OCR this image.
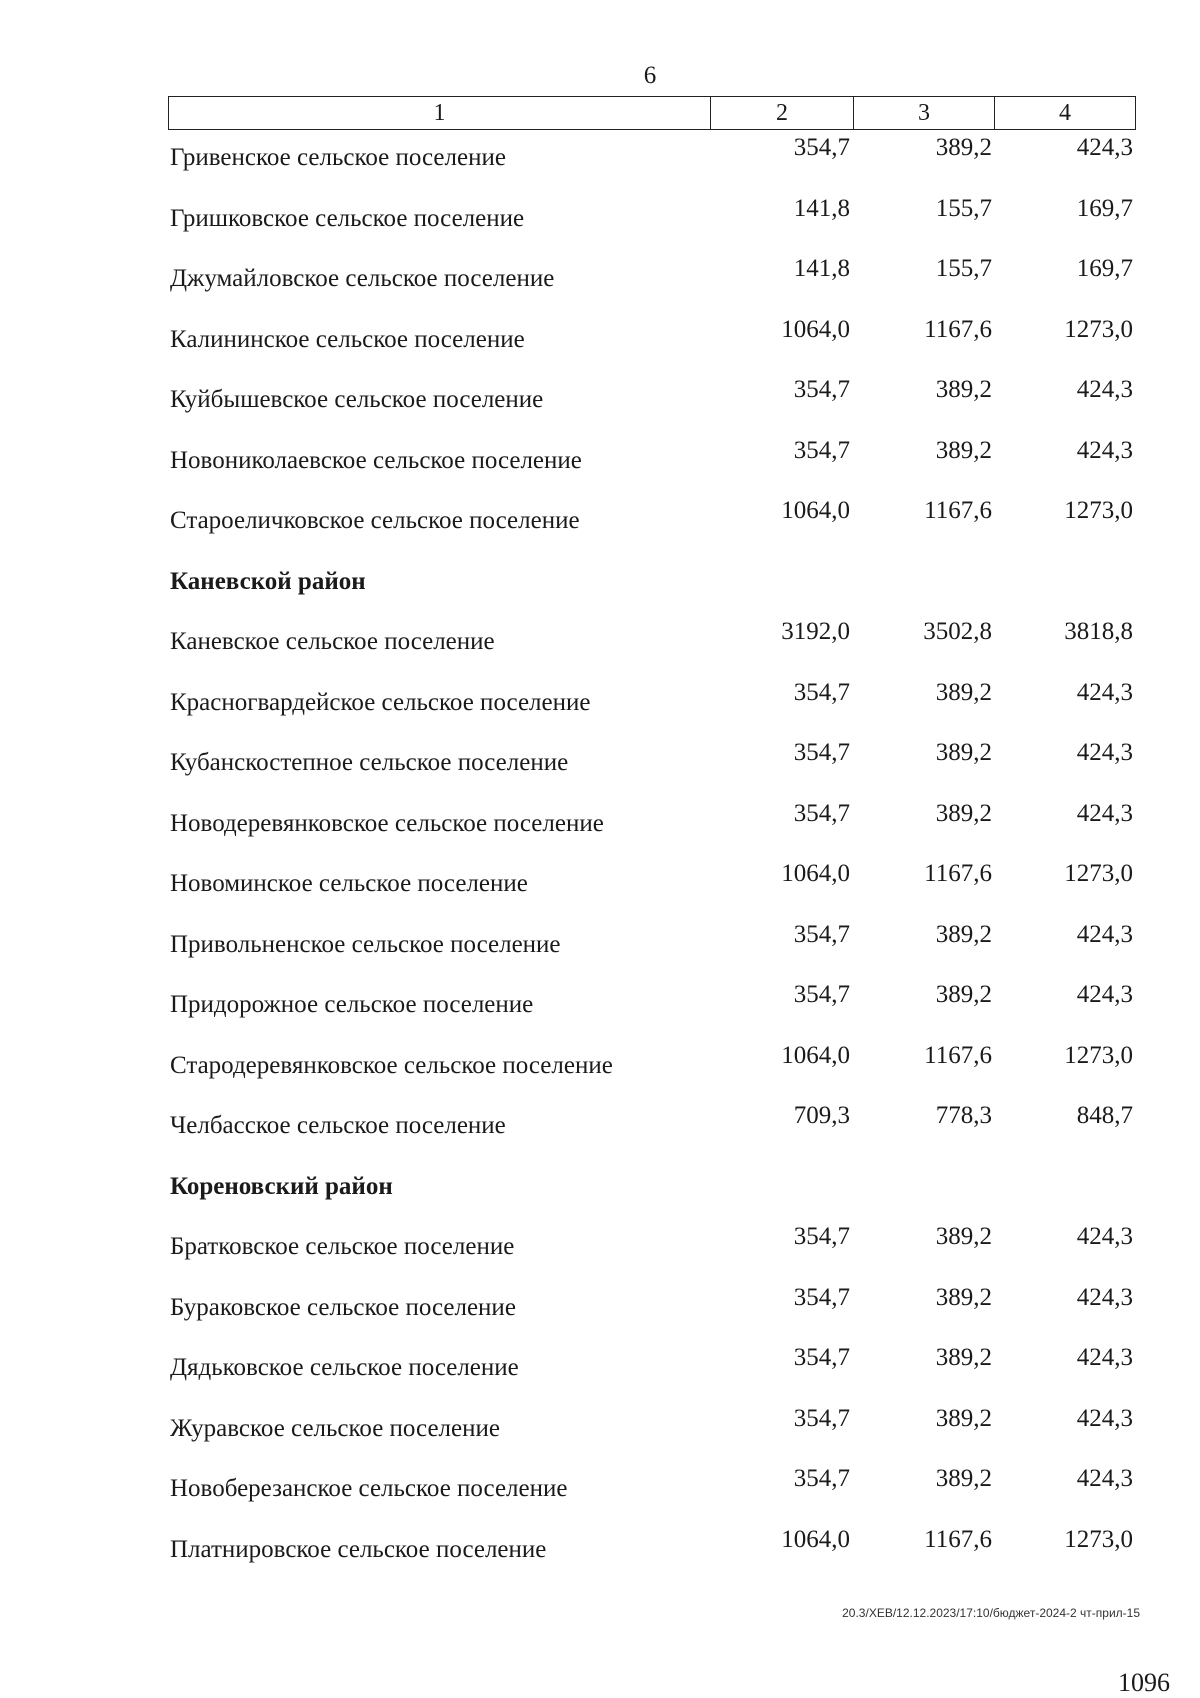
6
1	2	3	4
Гривенское сельское поселение	354,7	389,2	424,3
Гришковское сельское поселение	141,8	155,7	169,7
Джумайловское сельское поселение	141,8	155,7	169,7
Калининское сельское поселение	1064,0	1167,6	1273,0
Куйбышевское сельское поселение	354,7	389,2	424,3
Новониколаевское сельское поселение	354,7	389,2	424,3
Староеличковское сельское поселение	1064,0	1167,6	1273,0
Каневской район
Каневское сельское поселение	3192,0	3502,8	3818,8
Красногвардейское сельское поселение	354,7	389,2	424,3
Кубанскостепное сельское поселение	354,7	389,2	424,3
Новодеревянковское сельское поселение	354,7	389,2	424,3
Новоминское сельское поселение	1064,0	1167,6	1273,0
Привольненское сельское поселение	354,7	389,2	424,3
Придорожное сельское поселение	354,7	389,2	424,3
Стародеревянковское сельское поселение	1064,0	1167,6	1273,0
Челбасское сельское поселение	709,3	778,3	848,7
Кореновский район
Братковское сельское поселение	354,7	389,2	424,3
Бураковское сельское поселение	354,7	389,2	424,3
Дядьковское сельское поселение	354,7	389,2	424,3
Журавское сельское поселение	354,7	389,2	424,3
Новоберезанское сельское поселение	354,7	389,2	424,3
Платнировское сельское поселение	1064,0	1167,6	1273,0
20.3/ХЕВ/12.12.2023/17:10/бюджет-2024-2 чт-прил-15
1096
